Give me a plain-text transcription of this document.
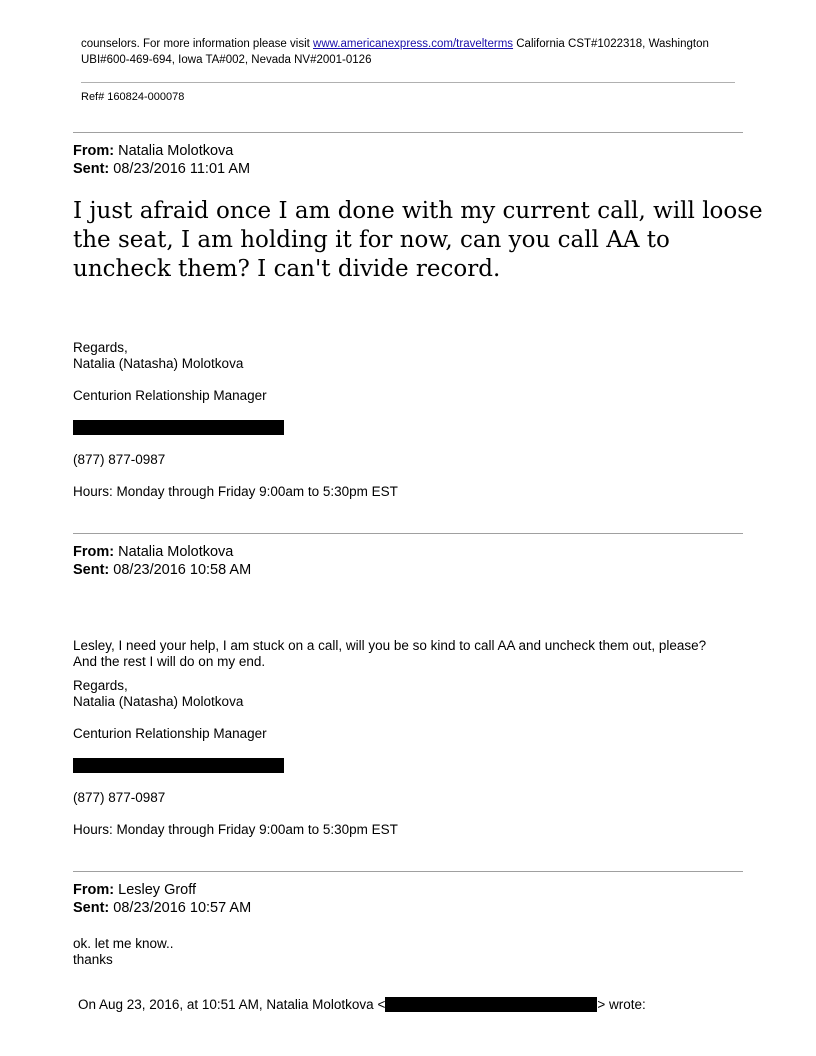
counselors. For more information please visit www.americanexpress.com/travelterms California CST#1022318, Washington UBI#600-469-694, Iowa TA#002, Nevada NV#2001-0126
Ref# 160824-000078
From: Natalia Molotkova
Sent: 08/23/2016 11:01 AM
I just afraid once I am done with my current call, will loose the seat, I am holding it for now, can you call AA to uncheck them? I can't divide record.
Regards,
Natalia (Natasha) Molotkova
Centurion Relationship Manager
(877) 877-0987
Hours: Monday through Friday 9:00am to 5:30pm EST
From: Natalia Molotkova
Sent: 08/23/2016 10:58 AM
Lesley, I need your help, I am stuck on a call, will you be so kind to call AA and uncheck them out, please?
And the rest I will do on my end.
Regards,
Natalia (Natasha) Molotkova
Centurion Relationship Manager
(877) 877-0987
Hours: Monday through Friday 9:00am to 5:30pm EST
From: Lesley Groff
Sent: 08/23/2016 10:57 AM
ok. let me know..
thanks
On Aug 23, 2016, at 10:51 AM, Natalia Molotkova <	> wrote:
